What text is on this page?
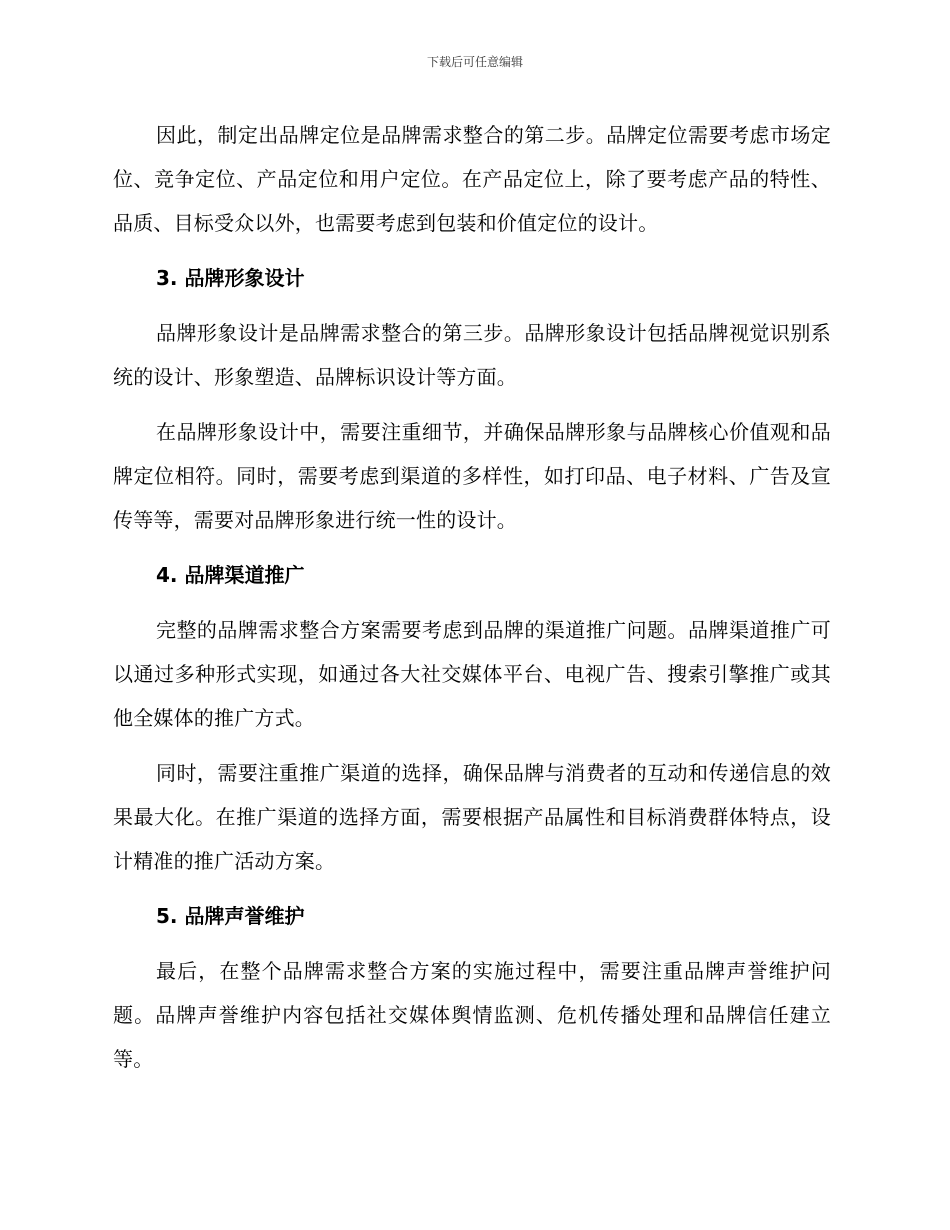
下载后可任意编辑

因此，制定出品牌定位是品牌需求整合的第二步。品牌定位需要考虑市场定位、竞争定位、产品定位和用户定位。在产品定位上，除了要考虑产品的特性、品质、目标受众以外，也需要考虑到包装和价值定位的设计。

3. 品牌形象设计

品牌形象设计是品牌需求整合的第三步。品牌形象设计包括品牌视觉识别系统的设计、形象塑造、品牌标识设计等方面。

在品牌形象设计中，需要注重细节，并确保品牌形象与品牌核心价值观和品牌定位相符。同时，需要考虑到渠道的多样性，如打印品、电子材料、广告及宣传等等，需要对品牌形象进行统一性的设计。

4. 品牌渠道推广

完整的品牌需求整合方案需要考虑到品牌的渠道推广问题。品牌渠道推广可以通过多种形式实现，如通过各大社交媒体平台、电视广告、搜索引擎推广或其他全媒体的推广方式。

同时，需要注重推广渠道的选择，确保品牌与消费者的互动和传递信息的效果最大化。在推广渠道的选择方面，需要根据产品属性和目标消费群体特点，设计精准的推广活动方案。

5. 品牌声誉维护

最后，在整个品牌需求整合方案的实施过程中，需要注重品牌声誉维护问题。品牌声誉维护内容包括社交媒体舆情监测、危机传播处理和品牌信任建立等。
